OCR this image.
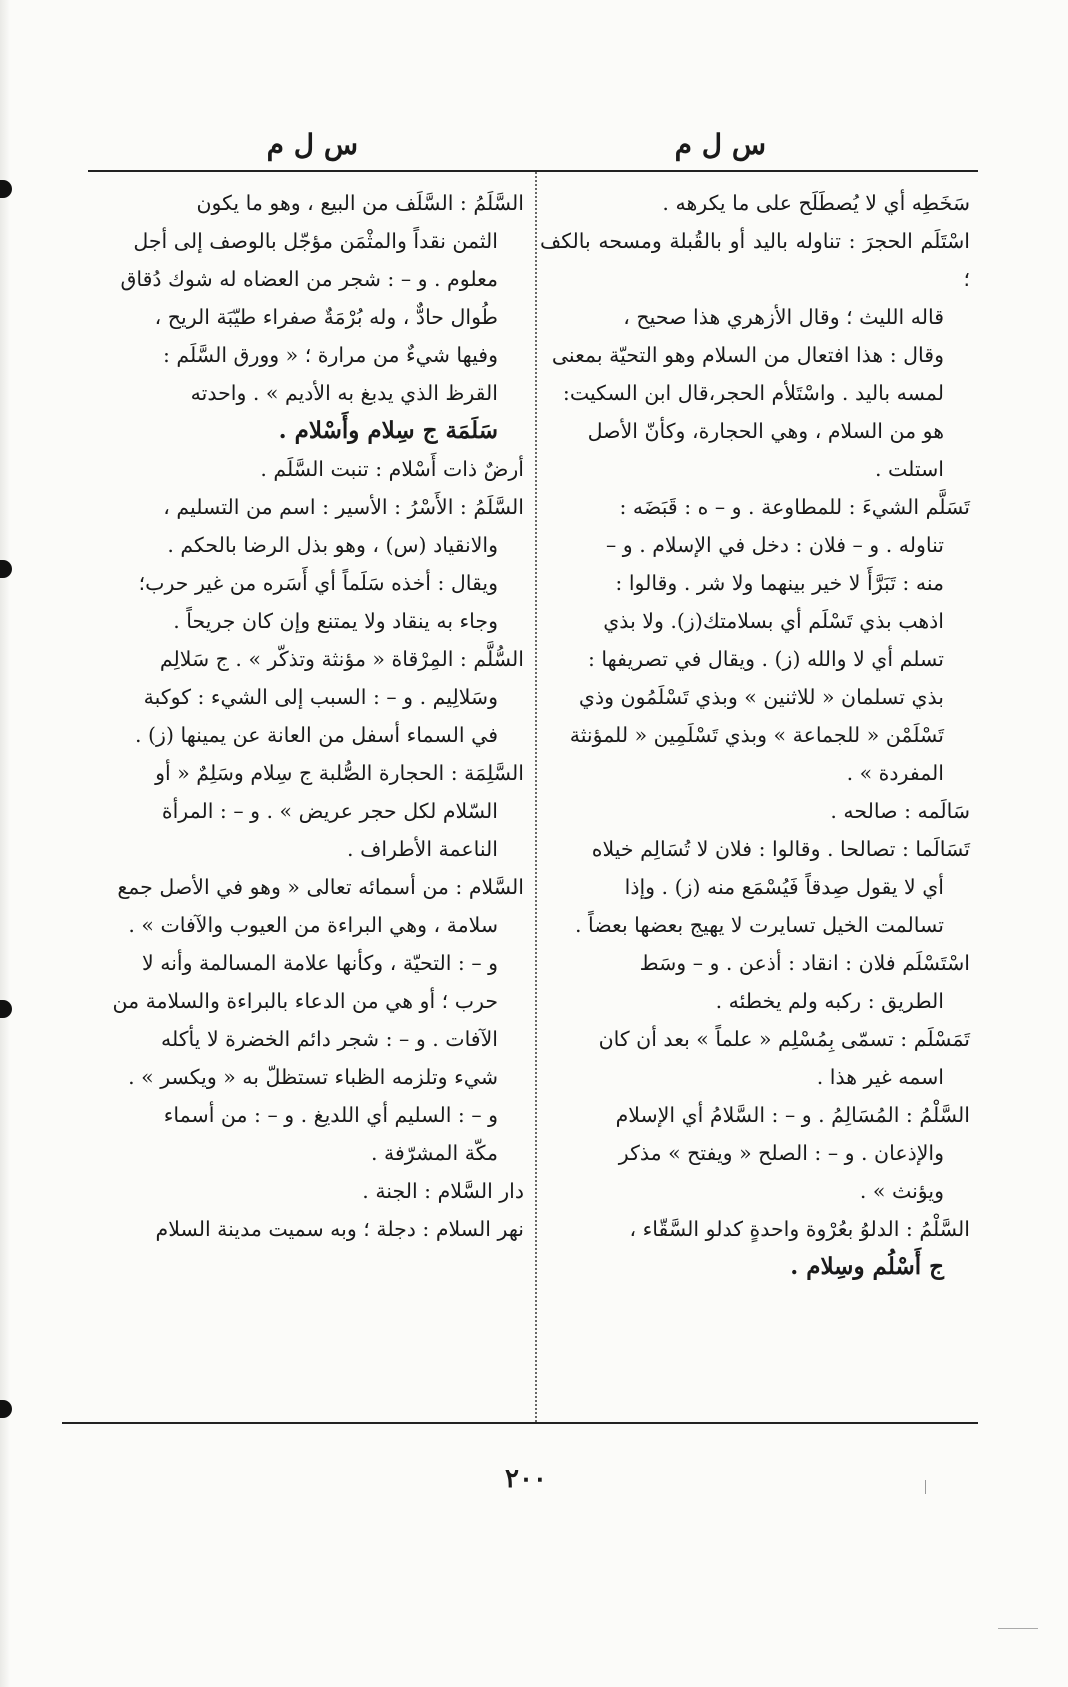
س ل م
س ل م
سَخَطِه أي لا يُصطَلَح على ما يكرهه .
اسْتَلَم الحجرَ : تناوله باليد أو بالقُبلة ومسحه بالكف ؛
قاله الليث ؛ وقال الأزهري هذا صحيح ،
وقال : هذا افتعال من السلام وهو التحيّة بمعنى
لمسه باليد . واسْتَلأم الحجر،قال ابن السكيت:
هو من السلام ، وهي الحجارة، وكأنّ الأصل
استلت .
تَسَلَّم الشيءَ : للمطاوعة . و – ه : قَبَضَه :
تناوله . و – فلان : دخل في الإسلام . و –
منه : تَبَرَّأَ لا خير بينهما ولا شر . وقالوا :
اذهب بذي تَسْلَم أي بسلامتك(ز). ولا بذي
تسلم أي لا والله (ز) . ويقال في تصريفها :
بذي تسلمان « للاثنين » وبذي تَسْلَمُون وذي
تَسْلَمْن « للجماعة » وبذي تَسْلَمِين « للمؤنثة
المفردة » .
سَالَمه : صالحه .
تَسَالَما : تصالحا . وقالوا : فلان لا تُسَالِم خيلاه
أي لا يقول صِدقاً فَيُسْمَع منه (ز) . وإذا
تسالمت الخيل تسايرت لا يهيج بعضها بعضاً .
اسْتَسْلَم فلان : انقاد : أذعن . و – وسَط
الطريق : ركبه ولم يخطئه .
تَمَسْلَم : تسمّى بِمُسْلِم « علماً » بعد أن كان
اسمه غير هذا .
السَّلْمُ : المُسَالِمُ . و – : السَّلامُ أي الإسلام
والإذعان . و – : الصلح « ويفتح » مذكر
ويؤنث » .
السَّلْمُ : الدلوُ بعُرْوة واحدةٍ كدلو السَّقّاء ،
ج أَسْلُم وسِلام .
السَّلَمُ : السَّلَف من البيع ، وهو ما يكون
الثمن نقداً والمثْمَن مؤجّل بالوصف إلى أجل
معلوم . و – : شجر من العضاه له شوك دُقاق
طُوال حادٌّ ، وله بُرْمَةٌ صفراء طيّبَة الريح ،
وفيها شيءٌ من مرارة ؛ « وورق السَّلَم :
القرظ الذي يدبغ به الأديم » . واحدته
سَلَمَة ج سِلام وأَسْلام .
أرضٌ ذات أَسْلام : تنبت السَّلَم .
السَّلَمُ : الأَسْرُ : الأسير : اسم من التسليم ،
والانقياد (س) ، وهو بذل الرضا بالحكم .
ويقال : أخذه سَلَماً أي أَسَره من غير حرب؛
وجاء به ينقاد ولا يمتنع وإن كان جريحاً .
السُّلَّم : المِرْقاة « مؤنثة وتذكّر » . ج سَلالِم
وسَلالِيم . و – : السبب إلى الشيء : كوكبة
في السماء أسفل من العانة عن يمينها (ز) .
السَّلِمَة : الحجارة الصُّلبة ج سِلام وسَلِمٌ « أو
السّلام لكل حجر عريض » . و – : المرأة
الناعمة الأطراف .
السَّلام : من أسمائه تعالى « وهو في الأصل جمع
سلامة ، وهي البراءة من العيوب والآفات » .
و – : التحيّة ، وكأنها علامة المسالمة وأنه لا
حرب ؛ أو هي من الدعاء بالبراءة والسلامة من
الآفات . و – : شجر دائم الخضرة لا يأكله
شيء وتلزمه الظباء تستظلّ به « ويكسر » .
و – : السليم أي اللديغ . و – : من أسماء
مكّة المشرّفة .
دار السَّلام : الجنة .
نهر السلام : دجلة ؛ وبه سميت مدينة السلام
٢٠٠
